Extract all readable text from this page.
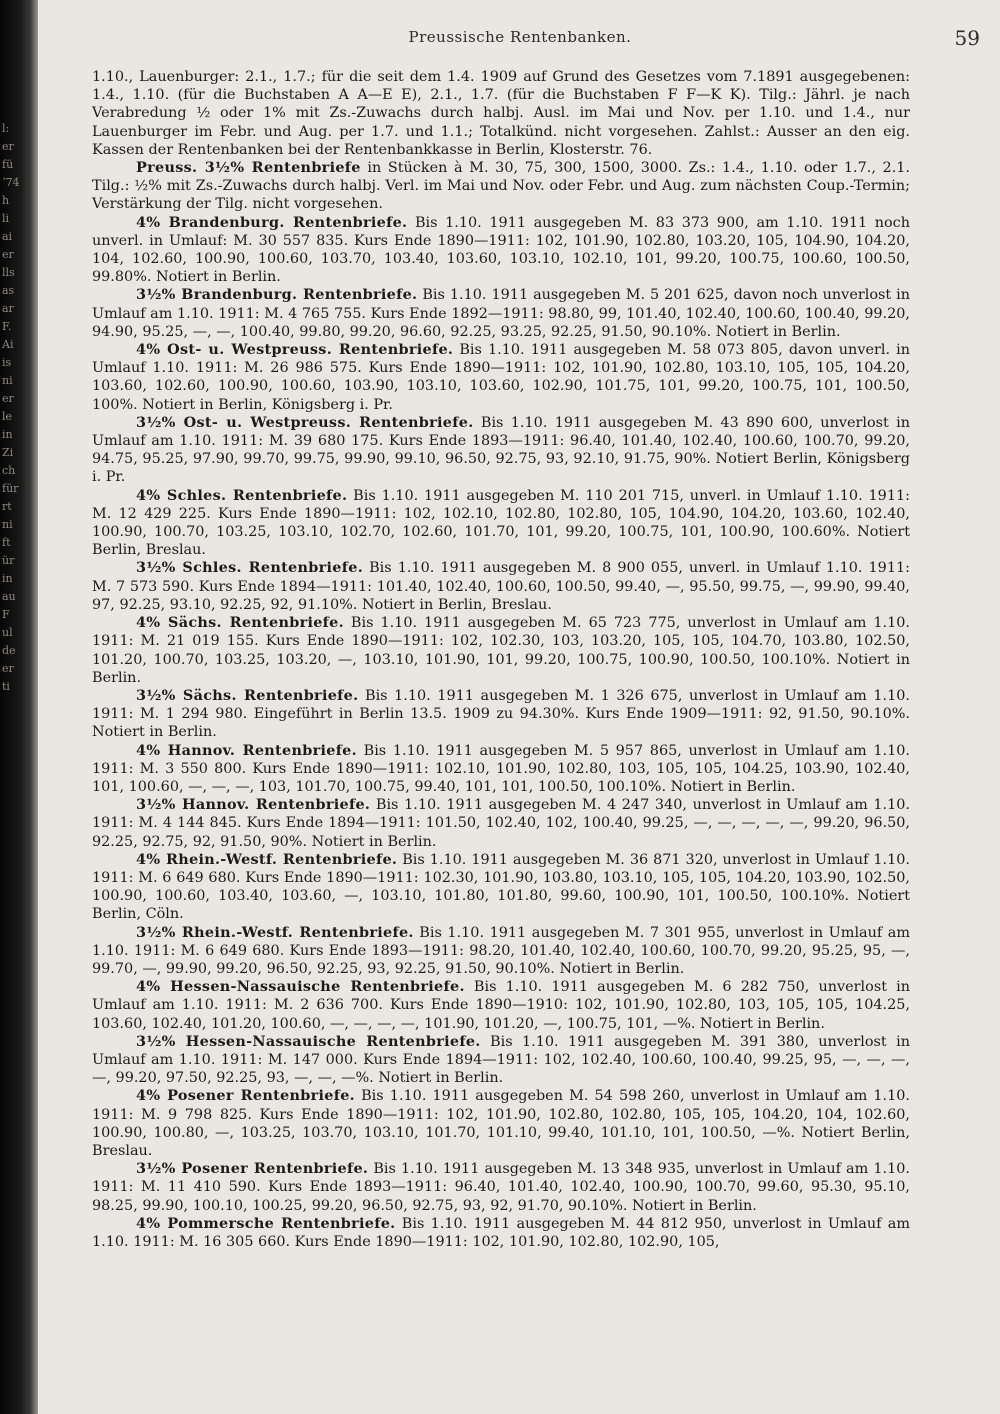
l:
er
fü
ʼ74
h
li
ai
er
lls
as
ar
F.
Ai
is
ni
er
le
in
Zi
ch
für
rt
ni
ft
ür
in
au
F
ul
de
er
ti
Preussische Rentenbanken.	59

1.10., Lauenburger: 2.1., 1.7.; für die seit dem 1.4. 1909 auf Grund des Gesetzes vom 7.1891 ausgegebenen: 1.4., 1.10. (für die Buchstaben A A—E E), 2.1., 1.7. (für die Buchstaben F F—K K). Tilg.: Jährl. je nach Verabredung ½ oder 1% mit Zs.-Zuwachs durch halbj. Ausl. im Mai und Nov. per 1.10. und 1.4., nur Lauenburger im Febr. und Aug. per 1.7. und 1.1.; Totalkünd. nicht vorgesehen. Zahlst.: Ausser an den eig. Kassen der Rentenbanken bei der Rentenbankkasse in Berlin, Klosterstr. 76.

Preuss. 3½% Rentenbriefe in Stücken à M. 30, 75, 300, 1500, 3000. Zs.: 1.4., 1.10. oder 1.7., 2.1. Tilg.: ½% mit Zs.-Zuwachs durch halbj. Verl. im Mai und Nov. oder Febr. und Aug. zum nächsten Coup.-Termin; Verstärkung der Tilg. nicht vorgesehen.

4% Brandenburg. Rentenbriefe. Bis 1.10. 1911 ausgegeben M. 83 373 900, am 1.10. 1911 noch unverl. in Umlauf: M. 30 557 835. Kurs Ende 1890—1911: 102, 101.90, 102.80, 103.20, 105, 104.90, 104.20, 104, 102.60, 100.90, 100.60, 103.70, 103.40, 103.60, 103.10, 102.10, 101, 99.20, 100.75, 100.60, 100.50, 99.80%. Notiert in Berlin.

3½% Brandenburg. Rentenbriefe. Bis 1.10. 1911 ausgegeben M. 5 201 625, davon noch unverlost in Umlauf am 1.10. 1911: M. 4 765 755. Kurs Ende 1892—1911: 98.80, 99, 101.40, 102.40, 100.60, 100.40, 99.20, 94.90, 95.25, —, —, 100.40, 99.80, 99.20, 96.60, 92.25, 93.25, 92.25, 91.50, 90.10%. Notiert in Berlin.

4% Ost- u. Westpreuss. Rentenbriefe. Bis 1.10. 1911 ausgegeben M. 58 073 805, davon unverl. in Umlauf 1.10. 1911: M. 26 986 575. Kurs Ende 1890—1911: 102, 101.90, 102.80, 103.10, 105, 105, 104.20, 103.60, 102.60, 100.90, 100.60, 103.90, 103.10, 103.60, 102.90, 101.75, 101, 99.20, 100.75, 101, 100.50, 100%. Notiert in Berlin, Königsberg i. Pr.

3½% Ost- u. Westpreuss. Rentenbriefe. Bis 1.10. 1911 ausgegeben M. 43 890 600, unverlost in Umlauf am 1.10. 1911: M. 39 680 175. Kurs Ende 1893—1911: 96.40, 101.40, 102.40, 100.60, 100.70, 99.20, 94.75, 95.25, 97.90, 99.70, 99.75, 99.90, 99.10, 96.50, 92.75, 93, 92.10, 91.75, 90%. Notiert Berlin, Königsberg i. Pr.

4% Schles. Rentenbriefe. Bis 1.10. 1911 ausgegeben M. 110 201 715, unverl. in Umlauf 1.10. 1911: M. 12 429 225. Kurs Ende 1890—1911: 102, 102.10, 102.80, 102.80, 105, 104.90, 104.20, 103.60, 102.40, 100.90, 100.70, 103.25, 103.10, 102.70, 102.60, 101.70, 101, 99.20, 100.75, 101, 100.90, 100.60%. Notiert Berlin, Breslau.

3½% Schles. Rentenbriefe. Bis 1.10. 1911 ausgegeben M. 8 900 055, unverl. in Umlauf 1.10. 1911: M. 7 573 590. Kurs Ende 1894—1911: 101.40, 102.40, 100.60, 100.50, 99.40, —, 95.50, 99.75, —, 99.90, 99.40, 97, 92.25, 93.10, 92.25, 92, 91.10%. Notiert in Berlin, Breslau.

4% Sächs. Rentenbriefe. Bis 1.10. 1911 ausgegeben M. 65 723 775, unverlost in Umlauf am 1.10. 1911: M. 21 019 155. Kurs Ende 1890—1911: 102, 102.30, 103, 103.20, 105, 105, 104.70, 103.80, 102.50, 101.20, 100.70, 103.25, 103.20, —, 103.10, 101.90, 101, 99.20, 100.75, 100.90, 100.50, 100.10%. Notiert in Berlin.

3½% Sächs. Rentenbriefe. Bis 1.10. 1911 ausgegeben M. 1 326 675, unverlost in Umlauf am 1.10. 1911: M. 1 294 980. Eingeführt in Berlin 13.5. 1909 zu 94.30%. Kurs Ende 1909—1911: 92, 91.50, 90.10%. Notiert in Berlin.

4% Hannov. Rentenbriefe. Bis 1.10. 1911 ausgegeben M. 5 957 865, unverlost in Umlauf am 1.10. 1911: M. 3 550 800. Kurs Ende 1890—1911: 102.10, 101.90, 102.80, 103, 105, 105, 104.25, 103.90, 102.40, 101, 100.60, —, —, —, 103, 101.70, 100.75, 99.40, 101, 101, 100.50, 100.10%. Notiert in Berlin.

3½% Hannov. Rentenbriefe. Bis 1.10. 1911 ausgegeben M. 4 247 340, unverlost in Umlauf am 1.10. 1911: M. 4 144 845. Kurs Ende 1894—1911: 101.50, 102.40, 102, 100.40, 99.25, —, —, —, —, —, 99.20, 96.50, 92.25, 92.75, 92, 91.50, 90%. Notiert in Berlin.

4% Rhein.-Westf. Rentenbriefe. Bis 1.10. 1911 ausgegeben M. 36 871 320, unverlost in Umlauf 1.10. 1911: M. 6 649 680. Kurs Ende 1890—1911: 102.30, 101.90, 103.80, 103.10, 105, 105, 104.20, 103.90, 102.50, 100.90, 100.60, 103.40, 103.60, —, 103.10, 101.80, 101.80, 99.60, 100.90, 101, 100.50, 100.10%. Notiert Berlin, Cöln.

3½% Rhein.-Westf. Rentenbriefe. Bis 1.10. 1911 ausgegeben M. 7 301 955, unverlost in Umlauf am 1.10. 1911: M. 6 649 680. Kurs Ende 1893—1911: 98.20, 101.40, 102.40, 100.60, 100.70, 99.20, 95.25, 95, —, 99.70, —, 99.90, 99.20, 96.50, 92.25, 93, 92.25, 91.50, 90.10%. Notiert in Berlin.

4% Hessen-Nassauische Rentenbriefe. Bis 1.10. 1911 ausgegeben M. 6 282 750, unverlost in Umlauf am 1.10. 1911: M. 2 636 700. Kurs Ende 1890—1910: 102, 101.90, 102.80, 103, 105, 105, 104.25, 103.60, 102.40, 101.20, 100.60, —, —, —, —, 101.90, 101.20, —, 100.75, 101, —%. Notiert in Berlin.

3½% Hessen-Nassauische Rentenbriefe. Bis 1.10. 1911 ausgegeben M. 391 380, unverlost in Umlauf am 1.10. 1911: M. 147 000. Kurs Ende 1894—1911: 102, 102.40, 100.60, 100.40, 99.25, 95, —, —, —, —, 99.20, 97.50, 92.25, 93, —, —, —%. Notiert in Berlin.

4% Posener Rentenbriefe. Bis 1.10. 1911 ausgegeben M. 54 598 260, unverlost in Umlauf am 1.10. 1911: M. 9 798 825. Kurs Ende 1890—1911: 102, 101.90, 102.80, 102.80, 105, 105, 104.20, 104, 102.60, 100.90, 100.80, —, 103.25, 103.70, 103.10, 101.70, 101.10, 99.40, 101.10, 101, 100.50, —%. Notiert Berlin, Breslau.

3½% Posener Rentenbriefe. Bis 1.10. 1911 ausgegeben M. 13 348 935, unverlost in Umlauf am 1.10. 1911: M. 11 410 590. Kurs Ende 1893—1911: 96.40, 101.40, 102.40, 100.90, 100.70, 99.60, 95.30, 95.10, 98.25, 99.90, 100.10, 100.25, 99.20, 96.50, 92.75, 93, 92, 91.70, 90.10%. Notiert in Berlin.

4% Pommersche Rentenbriefe. Bis 1.10. 1911 ausgegeben M. 44 812 950, unverlost in Umlauf am 1.10. 1911: M. 16 305 660. Kurs Ende 1890—1911: 102, 101.90, 102.80, 102.90, 105,
